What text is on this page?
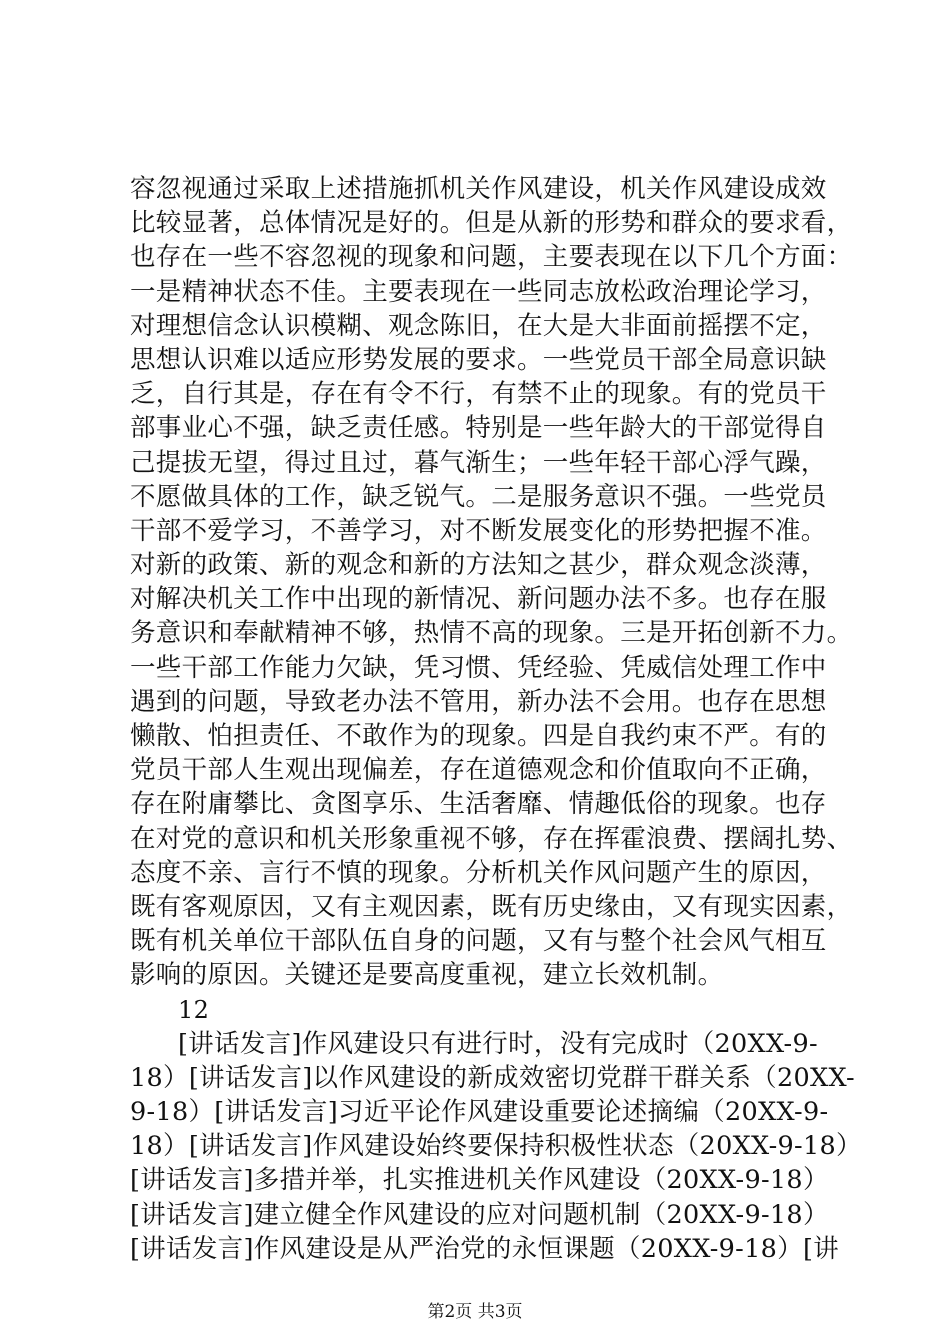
容忽视通过采取上述措施抓机关作风建设，机关作风建设成效
比较显著，总体情况是好的。但是从新的形势和群众的要求看，
也存在一些不容忽视的现象和问题，主要表现在以下几个方面：
一是精神状态不佳。主要表现在一些同志放松政治理论学习，
对理想信念认识模糊、观念陈旧，在大是大非面前摇摆不定，
思想认识难以适应形势发展的要求。一些党员干部全局意识缺
乏，自行其是，存在有令不行，有禁不止的现象。有的党员干
部事业心不强，缺乏责任感。特别是一些年龄大的干部觉得自
己提拔无望，得过且过，暮气渐生；一些年轻干部心浮气躁，
不愿做具体的工作，缺乏锐气。二是服务意识不强。一些党员
干部不爱学习，不善学习，对不断发展变化的形势把握不准。
对新的政策、新的观念和新的方法知之甚少，群众观念淡薄，
对解决机关工作中出现的新情况、新问题办法不多。也存在服
务意识和奉献精神不够，热情不高的现象。三是开拓创新不力。
一些干部工作能力欠缺，凭习惯、凭经验、凭威信处理工作中
遇到的问题，导致老办法不管用，新办法不会用。也存在思想
懒散、怕担责任、不敢作为的现象。四是自我约束不严。有的
党员干部人生观出现偏差，存在道德观念和价值取向不正确，
存在附庸攀比、贪图享乐、生活奢靡、情趣低俗的现象。也存
在对党的意识和机关形象重视不够，存在挥霍浪费、摆阔扎势、
态度不亲、言行不慎的现象。分析机关作风问题产生的原因，
既有客观原因，又有主观因素，既有历史缘由，又有现实因素，
既有机关单位干部队伍自身的问题，又有与整个社会风气相互
影响的原因。关键还是要高度重视，建立长效机制。
12
[讲话发言]作风建设只有进行时，没有完成时（20XX-9-
18）[讲话发言]以作风建设的新成效密切党群干群关系（20XX-
9-18）[讲话发言]习近平论作风建设重要论述摘编（20XX-9-
18）[讲话发言]作风建设始终要保持积极性状态（20XX-9-18）
[讲话发言]多措并举，扎实推进机关作风建设（20XX-9-18）
[讲话发言]建立健全作风建设的应对问题机制（20XX-9-18）
[讲话发言]作风建设是从严治党的永恒课题（20XX-9-18）[讲
第2页 共3页
